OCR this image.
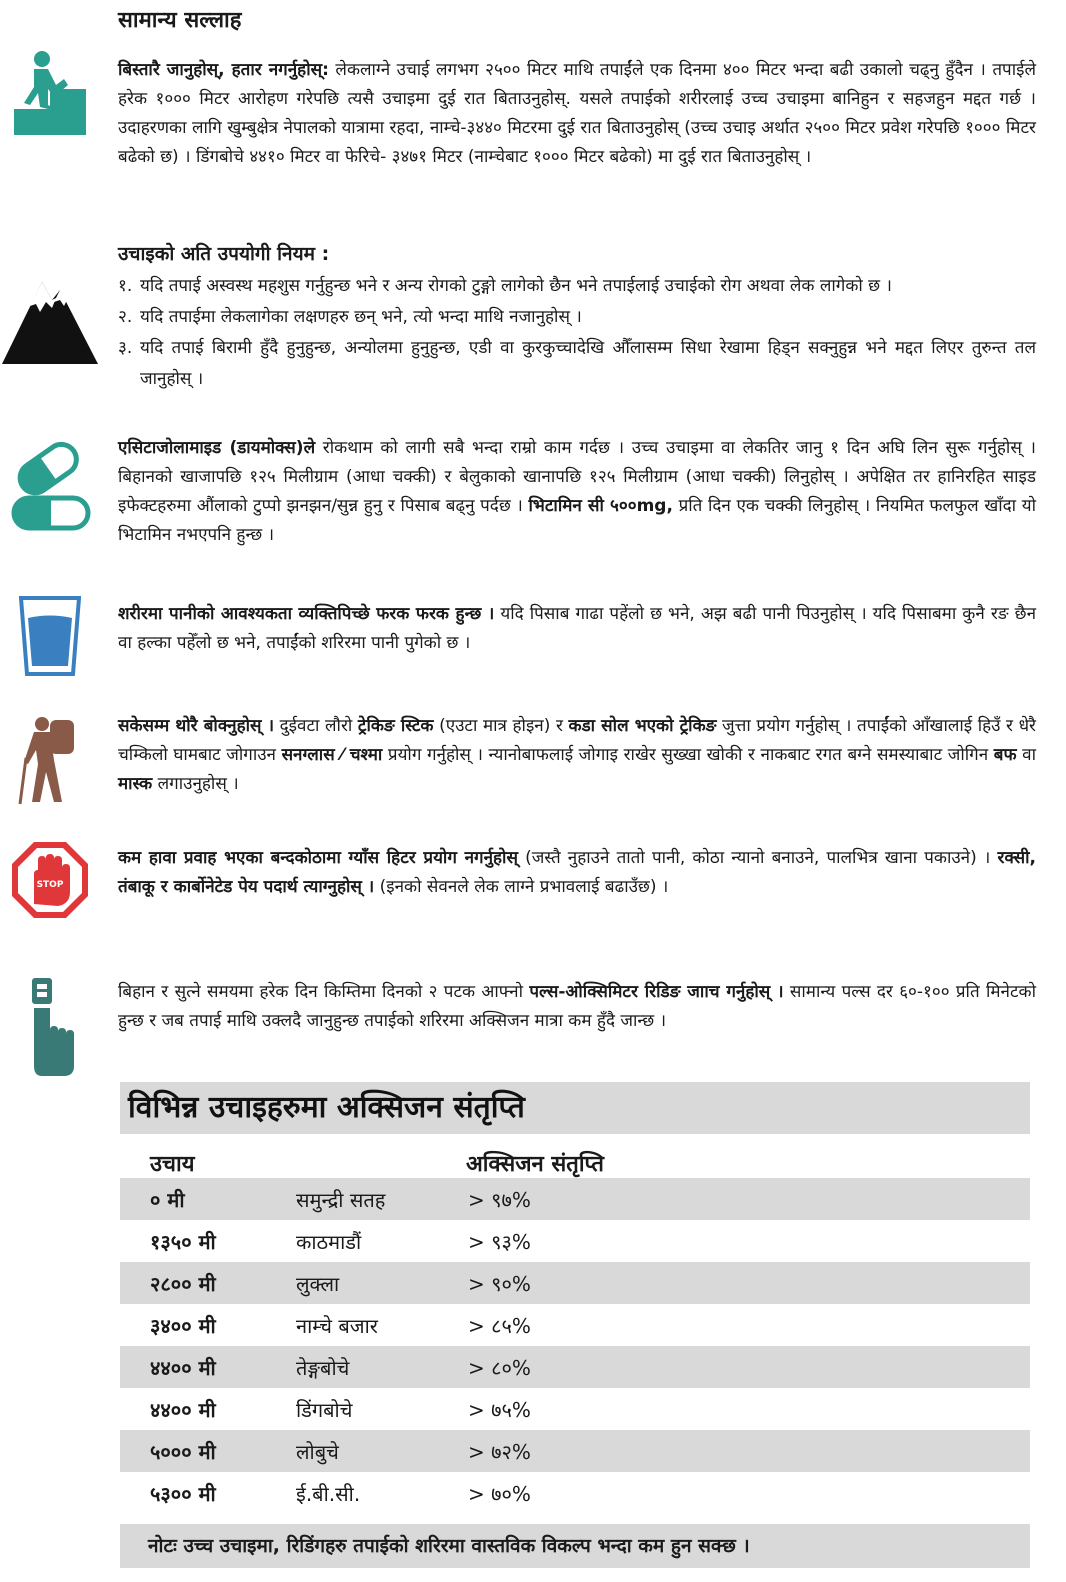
सामान्य सल्लाह

बिस्तारै जानुहोस्, हतार नगर्नुहोस्: लेकलाग्ने उचाई लगभग २५०० मिटर माथि तपाईंले एक दिनमा ४०० मिटर भन्दा बढी उकालो चढ्नु हुँदैन । तपाईले हरेक १००० मिटर आरोहण गरेपछि त्यसै उचाइमा दुई रात बिताउनुहोस्. यसले तपाईको शरीरलाई उच्च उचाइमा बानिहुन र सहजहुन मद्दत गर्छ । उदाहरणका लागि खुम्बुक्षेत्र नेपालको यात्रामा रहदा, नाम्चे-३४४० मिटरमा दुई रात बिताउनुहोस् (उच्च उचाइ अर्थात २५०० मिटर प्रवेश गरेपछि १००० मिटर बढेको छ) । डिंगबोचे ४४१० मिटर वा फेरिचे- ३४७१ मिटर (नाम्चेबाट १००० मिटर बढेको) मा दुई रात बिताउनुहोस् ।

उचाइको अति उपयोगी नियम :

१. यदि तपाई अस्वस्थ महशुस गर्नुहुन्छ भने र अन्य रोगको टुङ्गो लागेको छैन भने तपाईलाई उचाईको रोग अथवा लेक लागेको छ ।
२. यदि तपाईमा लेकलागेका लक्षणहरु छन् भने, त्यो भन्दा माथि नजानुहोस् ।
३. यदि तपाई बिरामी हुँदै हुनुहुन्छ, अन्योलमा हुनुहुन्छ, एडी वा कुरकुच्चादेखि औँलासम्म सिधा रेखामा हिड्न सक्नुहुन्न भने मद्दत लिएर तुरुन्त तल जानुहोस् ।

एसिटाजोलामाइड (डायमोक्स)ले रोकथाम को लागी सबै भन्दा राम्रो काम गर्दछ । उच्च उचाइमा वा लेकतिर जानु १ दिन अघि लिन सुरू गर्नुहोस् । बिहानको खाजापछि १२५ मिलीग्राम (आधा चक्की) र बेलुकाको खानापछि १२५ मिलीग्राम (आधा चक्की) लिनुहोस् । अपेक्षित तर हानिरहित साइड इफेक्टहरुमा औंलाको टुप्पो झनझन/सुन्न हुनु र पिसाब बढ्नु पर्दछ । भिटामिन सी ५००mg, प्रति दिन एक चक्की लिनुहोस् । नियमित फलफुल खाँदा यो भिटामिन नभएपनि हुन्छ ।

शरीरमा पानीको आवश्यकता व्यक्तिपिच्छे फरक फरक हुन्छ । यदि पिसाब गाढा पहेंलो छ भने, अझ बढी पानी पिउनुहोस् । यदि पिसाबमा कुनै रङ छैन वा हल्का पहेँलो छ भने, तपाईंको शरिरमा पानी पुगेको छ ।

सकेसम्म थोरै बोक्नुहोस् । दुईवटा लौरो ट्रेकिङ स्टिक (एउटा मात्र होइन) र कडा सोल भएको ट्रेकिङ जुत्ता प्रयोग गर्नुहोस् । तपाईंको आँखालाई हिउँ र धेरै चम्किलो घामबाट जोगाउन सनग्लास ⁄ चश्मा प्रयोग गर्नुहोस् । न्यानोबाफलाई जोगाइ राखेर सुख्खा खोकी र नाकबाट रगत बग्ने समस्याबाट जोगिन बफ वा मास्क लगाउनुहोस् ।

STOP

कम हावा प्रवाह भएका बन्दकोठामा ग्याँस हिटर प्रयोग नगर्नुहोस् (जस्तै नुहाउने तातो पानी, कोठा न्यानो बनाउने, पालभित्र खाना पकाउने) । रक्सी, तंबाकू र कार्बोनेटेड पेय पदार्थ त्याग्नुहोस् । (इनको सेवनले लेक लाग्ने प्रभावलाई बढाउँछ) ।

बिहान र सुत्ने समयमा हरेक दिन किम्तिमा दिनको २ पटक आफ्नो पल्स-ओक्सिमिटर रिडिङ जााच गर्नुहोस् । सामान्य पल्स दर ६०-१०० प्रति मिनेटको हुन्छ र जब तपाई माथि उक्लदै जानुहुन्छ तपाईको शरिरमा अक्सिजन मात्रा कम हुँदै जान्छ ।

विभिन्न उचाइहरुमा अक्सिजन संतृप्ति
उचाय	अक्सिजन संतृप्ति
० मी	समुन्द्री सतह	> ९७%
१३५० मी	काठमाडौं	> ९३%
२८०० मी	लुक्ला	> ९०%
३४०० मी	नाम्चे बजार	> ८५%
४४०० मी	तेङ्गबोचे	> ८०%
४४०० मी	डिंगबोचे	> ७५%
५००० मी	लोबुचे	> ७२%
५३०० मी	ई.बी.सी.	> ७०%
नोटः उच्च उचाइमा, रिडिंगहरु तपाईको शरिरमा वास्तविक विकल्प भन्दा कम हुन सक्छ ।
